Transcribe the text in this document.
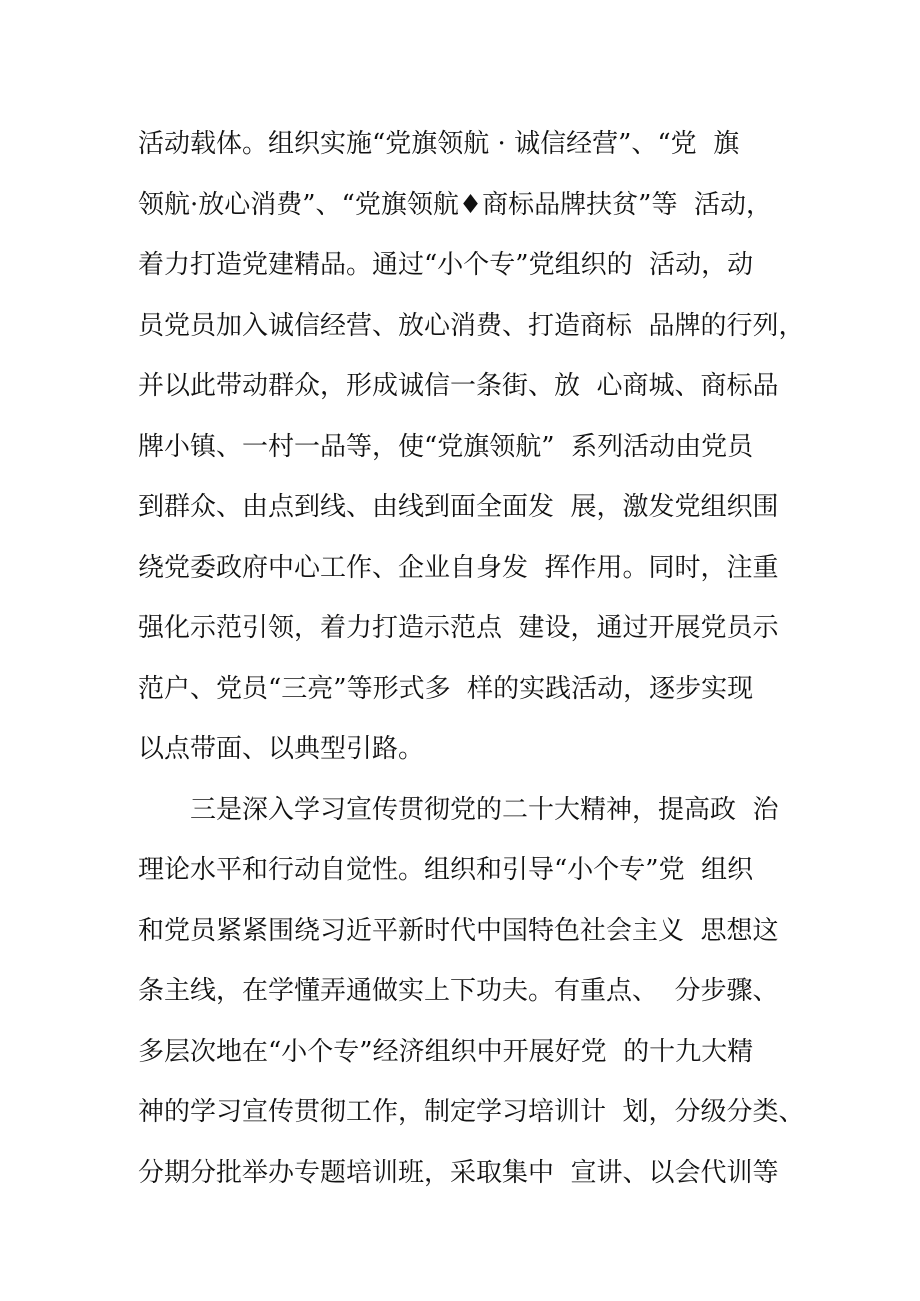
活动载体。组织实施“党旗领航 · 诚信经营”、“党  旗
领航·放心消费”、“党旗领航♦商标品牌扶贫”等  活动，
着力打造党建精品。通过“小个专”党组织的  活动，动
员党员加入诚信经营、放心消费、打造商标  品牌的行列，
并以此带动群众，形成诚信一条街、放  心商城、商标品
牌小镇、一村一品等，使“党旗领航”  系列活动由党员
到群众、由点到线、由线到面全面发  展，激发党组织围
绕党委政府中心工作、企业自身发  挥作用。同时，注重
强化示范引领，着力打造示范点  建设，通过开展党员示
范户、党员“三亮”等形式多  样的实践活动，逐步实现
以点带面、以典型引路。
三是深入学习宣传贯彻党的二十大精神，提高政  治
理论水平和行动自觉性。组织和引导“小个专”党  组织
和党员紧紧围绕习近平新时代中国特色社会主义  思想这
条主线，在学懂弄通做实上下功夫。有重点、  分步骤、
多层次地在“小个专”经济组织中开展好党  的十九大精
神的学习宣传贯彻工作，制定学习培训计  划，分级分类、
分期分批举办专题培训班，采取集中  宣讲、以会代训等
